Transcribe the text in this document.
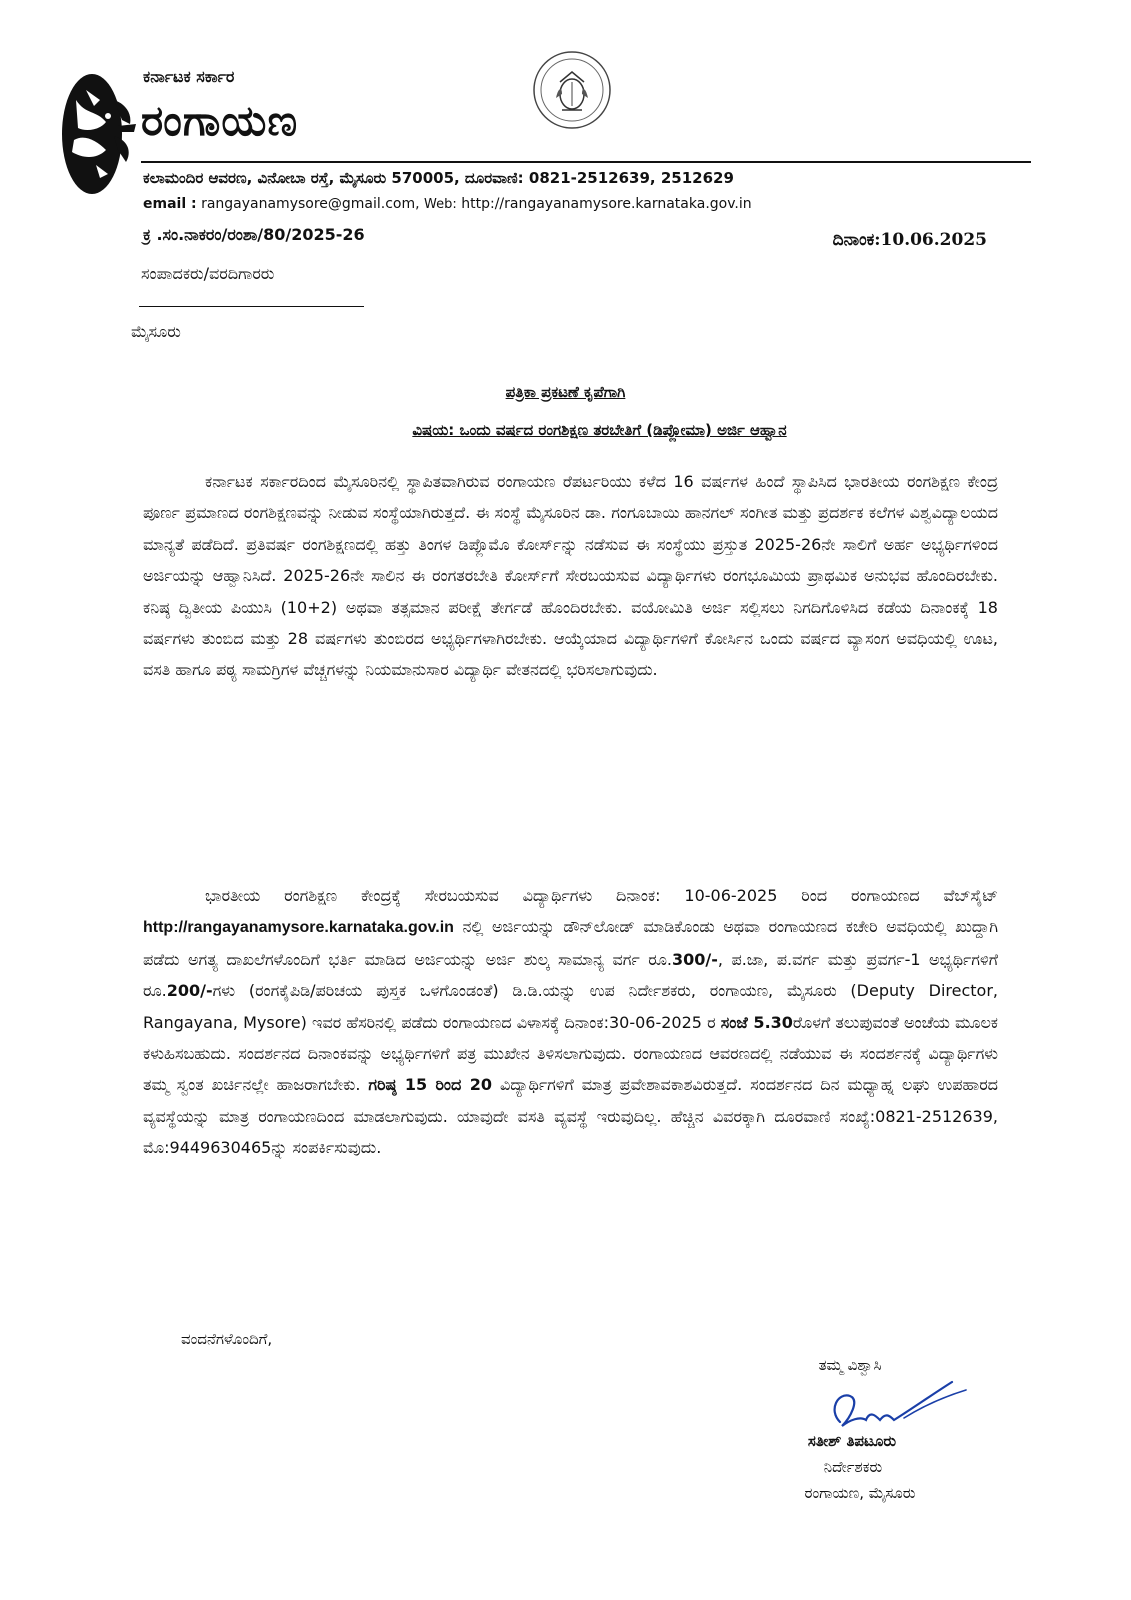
ಕರ್ನಾಟಕ ಸರ್ಕಾರ
ರಂಗಾಯಣ
ಕಲಾಮಂದಿರ ಆವರಣ, ವಿನೋಬಾ ರಸ್ತೆ, ಮೈಸೂರು 570005, ದೂರವಾಣಿ: 0821-2512639, 2512629
email : rangayanamysore@gmail.com, Web: http://rangayanamysore.karnataka.gov.in
ಕ್ರ .ಸಂ.ನಾಕರಂ/ರಂಶಾ/80/2025-26	ದಿನಾಂಕ:10.06.2025
ಸಂಪಾದಕರು/ವರದಿಗಾರರು
ಮೈಸೂರು
ಪತ್ರಿಕಾ ಪ್ರಕಟಣೆ ಕೃಪೆಗಾಗಿ
ವಿಷಯ: ಒಂದು ವರ್ಷದ ರಂಗಶಿಕ್ಷಣ ತರಬೇತಿಗೆ (ಡಿಪ್ಲೋಮಾ) ಅರ್ಜಿ ಆಹ್ವಾನ
ಕರ್ನಾಟಕ ಸರ್ಕಾರದಿಂದ ಮೈಸೂರಿನಲ್ಲಿ ಸ್ಥಾಪಿತವಾಗಿರುವ ರಂಗಾಯಣ ರೆಪರ್ಟರಿಯು ಕಳೆದ 16 ವರ್ಷಗಳ ಹಿಂದೆ ಸ್ಥಾಪಿಸಿದ ಭಾರತೀಯ ರಂಗಶಿಕ್ಷಣ ಕೇಂದ್ರ ಪೂರ್ಣ ಪ್ರಮಾಣದ ರಂಗಶಿಕ್ಷಣವನ್ನು ನೀಡುವ ಸಂಸ್ಥೆಯಾಗಿರುತ್ತದೆ. ಈ ಸಂಸ್ಥೆ ಮೈಸೂರಿನ ಡಾ. ಗಂಗೂಬಾಯಿ ಹಾನಗಲ್ ಸಂಗೀತ ಮತ್ತು ಪ್ರದರ್ಶಕ ಕಲೆಗಳ ವಿಶ್ವವಿದ್ಯಾಲಯದ ಮಾನ್ಯತೆ ಪಡೆದಿದೆ. ಪ್ರತಿವರ್ಷ ರಂಗಶಿಕ್ಷಣದಲ್ಲಿ ಹತ್ತು ತಿಂಗಳ ಡಿಪ್ಲೊಮೊ ಕೋರ್ಸ್‌ನ್ನು ನಡೆಸುವ ಈ ಸಂಸ್ಥೆಯು ಪ್ರಸ್ತುತ 2025-26ನೇ ಸಾಲಿಗೆ ಅರ್ಹ ಅಭ್ಯರ್ಥಿಗಳಿಂದ ಅರ್ಜಿಯನ್ನು ಆಹ್ವಾನಿಸಿದೆ. 2025-26ನೇ ಸಾಲಿನ ಈ ರಂಗತರಬೇತಿ ಕೋರ್ಸ್‌ಗೆ ಸೇರಬಯಸುವ ವಿದ್ಯಾರ್ಥಿಗಳು ರಂಗಭೂಮಿಯ ಪ್ರಾಥಮಿಕ ಅನುಭವ ಹೊಂದಿರಬೇಕು. ಕನಿಷ್ಠ ದ್ವಿತೀಯ ಪಿಯುಸಿ (10+2) ಅಥವಾ ತತ್ಸಮಾನ ಪರೀಕ್ಷೆ ತೇರ್ಗಡೆ ಹೊಂದಿರಬೇಕು. ವಯೋಮಿತಿ ಅರ್ಜಿ ಸಲ್ಲಿಸಲು ನಿಗದಿಗೊಳಿಸಿದ ಕಡೆಯ ದಿನಾಂಕಕ್ಕೆ 18 ವರ್ಷಗಳು ತುಂಬಿದ ಮತ್ತು 28 ವರ್ಷಗಳು ತುಂಬಿರದ ಅಭ್ಯರ್ಥಿಗಳಾಗಿರಬೇಕು. ಆಯ್ಕೆಯಾದ ವಿದ್ಯಾರ್ಥಿಗಳಿಗೆ ಕೋರ್ಸಿನ ಒಂದು ವರ್ಷದ ವ್ಯಾಸಂಗ ಅವಧಿಯಲ್ಲಿ ಊಟ, ವಸತಿ ಹಾಗೂ ಪಠ್ಯ ಸಾಮಗ್ರಿಗಳ ವೆಚ್ಚಗಳನ್ನು ನಿಯಮಾನುಸಾರ ವಿದ್ಯಾರ್ಥಿ ವೇತನದಲ್ಲಿ ಭರಿಸಲಾಗುವುದು.
ಭಾರತೀಯ ರಂಗಶಿಕ್ಷಣ ಕೇಂದ್ರಕ್ಕೆ ಸೇರಬಯಸುವ ವಿದ್ಯಾರ್ಥಿಗಳು ದಿನಾಂಕ: 10-06-2025 ರಿಂದ ರಂಗಾಯಣದ ವೆಬ್‌ಸೈಟ್ http://rangayanamysore.karnataka.gov.in ನಲ್ಲಿ ಅರ್ಜಿಯನ್ನು ಡೌನ್‌ಲೋಡ್ ಮಾಡಿಕೊಂಡು ಅಥವಾ ರಂಗಾಯಣದ ಕಚೇರಿ ಅವಧಿಯಲ್ಲಿ ಖುದ್ದಾಗಿ ಪಡೆದು ಅಗತ್ಯ ದಾಖಲೆಗಳೊಂದಿಗೆ ಭರ್ತಿ ಮಾಡಿದ ಅರ್ಜಿಯನ್ನು ಅರ್ಜಿ ಶುಲ್ಕ ಸಾಮಾನ್ಯ ವರ್ಗ ರೂ.300/-, ಪ.ಜಾ, ಪ.ವರ್ಗ ಮತ್ತು ಪ್ರವರ್ಗ-1 ಅಭ್ಯರ್ಥಿಗಳಿಗೆ ರೂ.200/-ಗಳು (ರಂಗಕೈಪಿಡಿ/ಪರಿಚಯ ಪುಸ್ತಕ ಒಳಗೊಂಡಂತೆ) ಡಿ.ಡಿ.ಯನ್ನು ಉಪ ನಿರ್ದೇಶಕರು, ರಂಗಾಯಣ, ಮೈಸೂರು (Deputy Director, Rangayana, Mysore) ಇವರ ಹೆಸರಿನಲ್ಲಿ ಪಡೆದು ರಂಗಾಯಣದ ವಿಳಾಸಕ್ಕೆ ದಿನಾಂಕ:30-06-2025 ರ ಸಂಜೆ 5.30ರೊಳಗೆ ತಲುಪುವಂತೆ ಅಂಚೆಯ ಮೂಲಕ ಕಳುಹಿಸಬಹುದು. ಸಂದರ್ಶನದ ದಿನಾಂಕವನ್ನು ಅಭ್ಯರ್ಥಿಗಳಿಗೆ ಪತ್ರ ಮುಖೇನ ತಿಳಿಸಲಾಗುವುದು. ರಂಗಾಯಣದ ಆವರಣದಲ್ಲಿ ನಡೆಯುವ ಈ ಸಂದರ್ಶನಕ್ಕೆ ವಿದ್ಯಾರ್ಥಿಗಳು ತಮ್ಮ ಸ್ವಂತ ಖರ್ಚಿನಲ್ಲೇ ಹಾಜರಾಗಬೇಕು. ಗರಿಷ್ಠ 15 ರಿಂದ 20 ವಿದ್ಯಾರ್ಥಿಗಳಿಗೆ ಮಾತ್ರ ಪ್ರವೇಶಾವಕಾಶವಿರುತ್ತದೆ. ಸಂದರ್ಶನದ ದಿನ ಮಧ್ಯಾಹ್ನ ಲಘು ಉಪಹಾರದ ವ್ಯವಸ್ಥೆಯನ್ನು ಮಾತ್ರ ರಂಗಾಯಣದಿಂದ ಮಾಡಲಾಗುವುದು. ಯಾವುದೇ ವಸತಿ ವ್ಯವಸ್ಥೆ ಇರುವುದಿಲ್ಲ. ಹೆಚ್ಚಿನ ವಿವರಕ್ಕಾಗಿ ದೂರವಾಣಿ ಸಂಖ್ಯೆ:0821-2512639, ಮೊ:9449630465ನ್ನು ಸಂಪರ್ಕಿಸುವುದು.
ವಂದನೆಗಳೊಂದಿಗೆ,
ತಮ್ಮ ವಿಶ್ವಾಸಿ
ಸತೀಶ್ ತಿಪಟೂರು
ನಿರ್ದೇಶಕರು
ರಂಗಾಯಣ, ಮೈಸೂರು
